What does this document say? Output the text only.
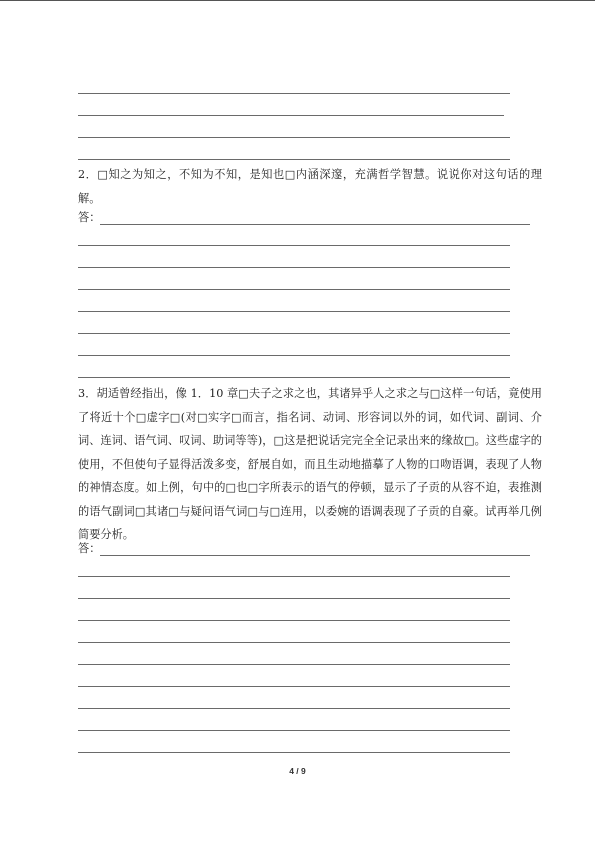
2．□知之为知之，不知为不知，是知也□内涵深邃，充满哲学智慧。说说你对这句话的理解。

答：

3．胡适曾经指出，像 1．10 章□夫子之求之也，其诸异乎人之求之与□这样一句话，竟使用了将近十个□虚字□(对□实字□而言，指名词、动词、形容词以外的词，如代词、副词、介词、连词、语气词、叹词、助词等等)，□这是把说话完完全全记录出来的缘故□。这些虚字的使用，不但使句子显得活泼多变，舒展自如，而且生动地描摹了人物的口吻语调，表现了人物的神情态度。如上例，句中的□也□字所表示的语气的停顿，显示了子贡的从容不迫，表推测的语气副词□其诸□与疑问语气词□与□连用，以委婉的语调表现了子贡的自豪。试再举几例简要分析。

答：
4 / 9
